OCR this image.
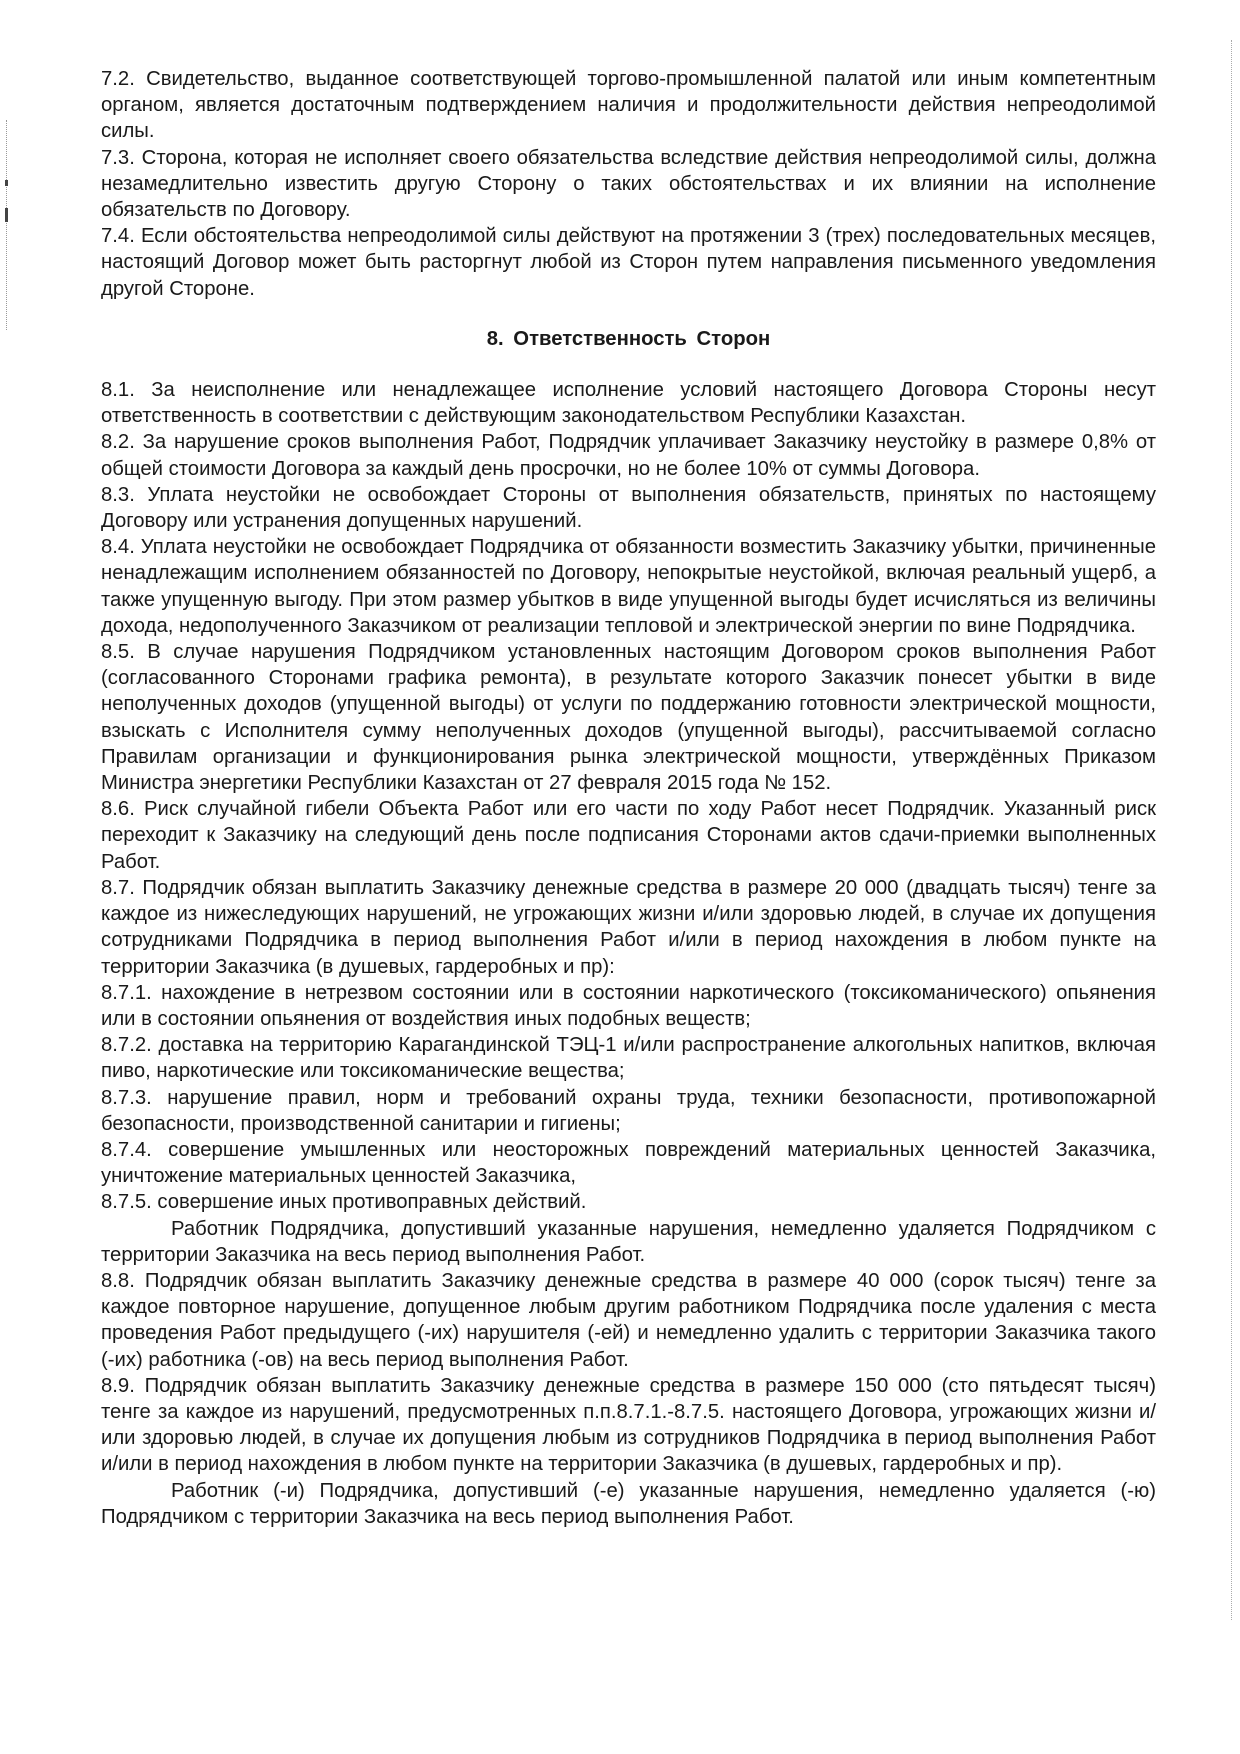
7.2. Свидетельство, выданное соответствующей торгово-промышленной палатой или иным компетентным органом, является достаточным подтверждением наличия и продолжительности действия непреодолимой силы.

7.3. Сторона, которая не исполняет своего обязательства вследствие действия непреодолимой силы, должна незамедлительно известить другую Сторону о таких обстоятельствах и их влиянии на исполнение обязательств по Договору.

7.4. Если обстоятельства непреодолимой силы действуют на протяжении 3 (трех) последовательных месяцев, настоящий Договор может быть расторгнут любой из Сторон путем направления письменного уведомления другой Стороне.

8. Ответственность Сторон

8.1. За неисполнение или ненадлежащее исполнение условий настоящего Договора Стороны несут ответственность в соответствии с действующим законодательством Республики Казахстан.

8.2. За нарушение сроков выполнения Работ, Подрядчик уплачивает Заказчику неустойку в размере 0,8% от общей стоимости Договора за каждый день просрочки, но не более 10% от суммы Договора.

8.3. Уплата неустойки не освобождает Стороны от выполнения обязательств, принятых по настоящему Договору или устранения допущенных нарушений.

8.4. Уплата неустойки не освобождает Подрядчика от обязанности возместить Заказчику убытки, причиненные ненадлежащим исполнением обязанностей по Договору, непокрытые неустойкой, включая реальный ущерб, а также упущенную выгоду. При этом размер убытков в виде упущенной выгоды будет исчисляться из величины дохода, недополученного Заказчиком от реализации тепловой и электрической энергии по вине Подрядчика.

8.5. В случае нарушения Подрядчиком установленных настоящим Договором сроков выполнения Работ (согласованного Сторонами графика ремонта), в результате которого Заказчик понесет убытки в виде неполученных доходов (упущенной выгоды) от услуги по поддержанию готовности электрической мощности, взыскать с Исполнителя сумму неполученных доходов (упущенной выгоды), рассчитываемой согласно Правилам организации и функционирования рынка электрической мощности, утверждённых Приказом Министра энергетики Республики Казахстан от 27 февраля 2015 года № 152.

8.6. Риск случайной гибели Объекта Работ или его части по ходу Работ несет Подрядчик. Указанный риск переходит к Заказчику на следующий день после подписания Сторонами актов сдачи-приемки выполненных Работ.

8.7. Подрядчик обязан выплатить Заказчику денежные средства в размере 20 000 (двадцать тысяч) тенге за каждое из нижеследующих нарушений, не угрожающих жизни и/или здоровью людей, в случае их допущения сотрудниками Подрядчика в период выполнения Работ и/или в период нахождения в любом пункте на территории Заказчика (в душевых, гардеробных и пр):

8.7.1. нахождение в нетрезвом состоянии или в состоянии наркотического (токсикоманического) опьянения или в состоянии опьянения от воздействия иных подобных веществ;

8.7.2. доставка на территорию Карагандинской ТЭЦ-1 и/или распространение алкогольных напитков, включая пиво, наркотические или токсикоманические вещества;

8.7.3. нарушение правил, норм и требований охраны труда, техники безопасности, противопожарной безопасности, производственной санитарии и гигиены;

8.7.4. совершение умышленных или неосторожных повреждений материальных ценностей Заказчика, уничтожение материальных ценностей Заказчика,

8.7.5. совершение иных противоправных действий.

Работник Подрядчика, допустивший указанные нарушения, немедленно удаляется Подрядчиком с территории Заказчика на весь период выполнения Работ.

8.8. Подрядчик обязан выплатить Заказчику денежные средства в размере 40 000 (сорок тысяч) тенге за каждое повторное нарушение, допущенное любым другим работником Подрядчика после удаления с места проведения Работ предыдущего (-их) нарушителя (-ей) и немедленно удалить с территории Заказчика такого (-их) работника (-ов) на весь период выполнения Работ.

8.9. Подрядчик обязан выплатить Заказчику денежные средства в размере 150 000 (сто пятьдесят тысяч) тенге за каждое из нарушений, предусмотренных п.п.8.7.1.-8.7.5. настоящего Договора, угрожающих жизни и/или здоровью людей, в случае их допущения любым из сотрудников Подрядчика в период выполнения Работ и/или в период нахождения в любом пункте на территории Заказчика (в душевых, гардеробных и пр).

Работник (-и) Подрядчика, допустивший (-е) указанные нарушения, немедленно удаляется (-ю) Подрядчиком с территории Заказчика на весь период выполнения Работ.
